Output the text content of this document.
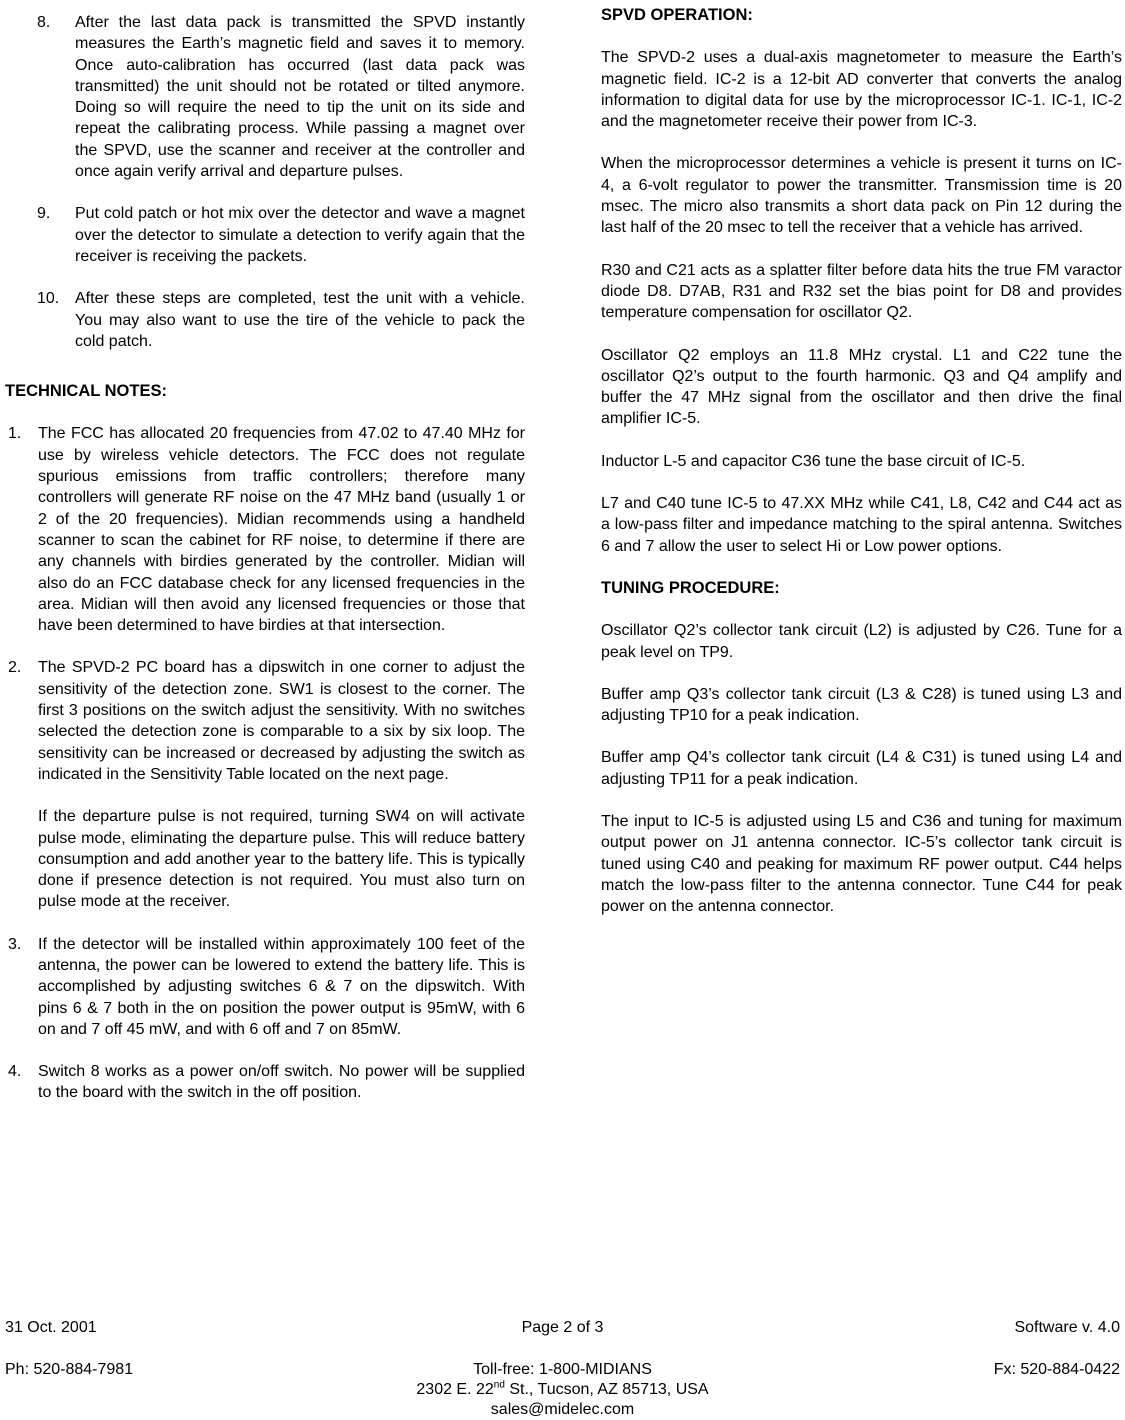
8. After the last data pack is transmitted the SPVD instantly measures the Earth’s magnetic field and saves it to memory. Once auto-calibration has occurred (last data pack was transmitted) the unit should not be rotated or tilted anymore. Doing so will require the need to tip the unit on its side and repeat the calibrating process. While passing a magnet over the SPVD, use the scanner and receiver at the controller and once again verify arrival and departure pulses.
9. Put cold patch or hot mix over the detector and wave a magnet over the detector to simulate a detection to verify again that the receiver is receiving the packets.
10. After these steps are completed, test the unit with a vehicle. You may also want to use the tire of the vehicle to pack the cold patch.
TECHNICAL NOTES:
1. The FCC has allocated 20 frequencies from 47.02 to 47.40 MHz for use by wireless vehicle detectors. The FCC does not regulate spurious emissions from traffic controllers; therefore many controllers will generate RF noise on the 47 MHz band (usually 1 or 2 of the 20 frequencies). Midian recommends using a handheld scanner to scan the cabinet for RF noise, to determine if there are any channels with birdies generated by the controller. Midian will also do an FCC database check for any licensed frequencies in the area. Midian will then avoid any licensed frequencies or those that have been determined to have birdies at that intersection.

2. The SPVD-2 PC board has a dipswitch in one corner to adjust the sensitivity of the detection zone. SW1 is closest to the corner. The first 3 positions on the switch adjust the sensitivity. With no switches selected the detection zone is comparable to a six by six loop. The sensitivity can be increased or decreased by adjusting the switch as indicated in the Sensitivity Table located on the next page.

If the departure pulse is not required, turning SW4 on will activate pulse mode, eliminating the departure pulse. This will reduce battery consumption and add another year to the battery life. This is typically done if presence detection is not required. You must also turn on pulse mode at the receiver.

3. If the detector will be installed within approximately 100 feet of the antenna, the power can be lowered to extend the battery life. This is accomplished by adjusting switches 6 & 7 on the dipswitch. With pins 6 & 7 both in the on position the power output is 95mW, with 6 on and 7 off 45 mW, and with 6 off and 7 on 85mW.

4. Switch 8 works as a power on/off switch. No power will be supplied to the board with the switch in the off position.

SPVD OPERATION:

The SPVD-2 uses a dual-axis magnetometer to measure the Earth’s magnetic field. IC-2 is a 12-bit AD converter that converts the analog information to digital data for use by the microprocessor IC-1. IC-1, IC-2 and the magnetometer receive their power from IC-3.

When the microprocessor determines a vehicle is present it turns on IC-4, a 6-volt regulator to power the transmitter. Transmission time is 20 msec. The micro also transmits a short data pack on Pin 12 during the last half of the 20 msec to tell the receiver that a vehicle has arrived.

R30 and C21 acts as a splatter filter before data hits the true FM varactor diode D8. D7AB, R31 and R32 set the bias point for D8 and provides temperature compensation for oscillator Q2.

Oscillator Q2 employs an 11.8 MHz crystal. L1 and C22 tune the oscillator Q2’s output to the fourth harmonic. Q3 and Q4 amplify and buffer the 47 MHz signal from the oscillator and then drive the final amplifier IC-5.

Inductor L-5 and capacitor C36 tune the base circuit of IC-5.

L7 and C40 tune IC-5 to 47.XX MHz while C41, L8, C42 and C44 act as a low-pass filter and impedance matching to the spiral antenna. Switches 6 and 7 allow the user to select Hi or Low power options.

TUNING PROCEDURE:

Oscillator Q2’s collector tank circuit (L2) is adjusted by C26. Tune for a peak level on TP9.

Buffer amp Q3’s collector tank circuit (L3 & C28) is tuned using L3 and adjusting TP10 for a peak indication.

Buffer amp Q4’s collector tank circuit (L4 & C31) is tuned using L4 and adjusting TP11 for a peak indication.

The input to IC-5 is adjusted using L5 and C36 and tuning for maximum output power on J1 antenna connector. IC-5’s collector tank circuit is tuned using C40 and peaking for maximum RF power output. C44 helps match the low-pass filter to the antenna connector. Tune C44 for peak power on the antenna connector.

31 Oct. 2001	Software v. 4.0
Page 2 of 3
Ph: 520-884-7981	Fx: 520-884-0422
Toll-free: 1-800-MIDIANS
2302 E. 22nd St., Tucson, AZ 85713, USA
sales@midelec.com
